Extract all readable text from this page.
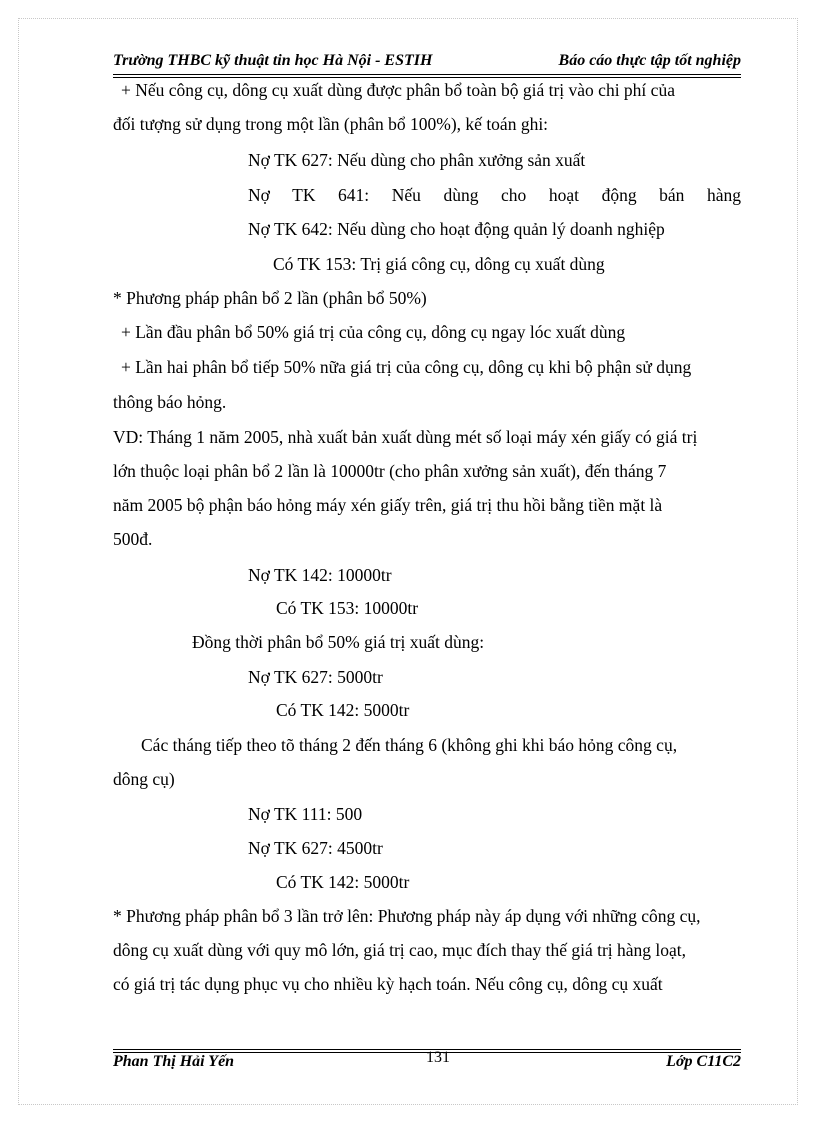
Trường THBC kỹ thuật tin học Hà Nội - ESTIH	Báo cáo thực tập tốt nghiệp
+ Nếu công cụ, dông cụ xuất dùng được phân bổ toàn bộ giá trị vào chi phí của
đối tượng sử dụng trong một lần (phân bổ 100%), kế toán ghi:
Nợ TK 627: Nếu dùng cho phân xưởng sản xuất
Nợ TK 641: Nếu dùng cho hoạt động bán hàng
Nợ TK 642: Nếu dùng cho hoạt động quản lý doanh nghiệp
Có TK 153: Trị giá công cụ, dông cụ xuất dùng
* Phương pháp phân bổ 2 lần (phân bổ 50%)
+ Lần đầu phân bổ 50% giá trị của công cụ, dông cụ ngay lóc xuất dùng
+ Lần hai phân bổ tiếp 50% nữa giá trị của công cụ, dông cụ khi bộ phận sử dụng
thông báo hỏng.
VD: Tháng 1 năm 2005, nhà xuất bản xuất dùng mét số loại máy xén giấy có giá trị
lớn thuộc loại phân bổ 2 lần là 10000tr (cho phân xưởng sản xuất), đến tháng 7
năm 2005 bộ phận báo hỏng máy xén giấy trên, giá trị thu hồi bằng tiền mặt là
500đ.
Nợ TK 142: 10000tr
Có TK 153: 10000tr
Đồng thời phân bổ 50% giá trị xuất dùng:
Nợ TK 627: 5000tr
Có TK 142: 5000tr
Các tháng tiếp theo tõ tháng 2 đến tháng 6 (không ghi khi báo hỏng công cụ,
dông cụ)
Nợ TK 111: 500
Nợ TK 627: 4500tr
Có TK 142: 5000tr
* Phương pháp phân bổ 3 lần trở lên: Phương pháp này áp dụng với những công cụ,
dông cụ xuất dùng với quy mô lớn, giá trị cao, mục đích thay thế giá trị hàng loạt,
có giá trị tác dụng phục vụ cho nhiều kỳ hạch toán. Nếu công cụ, dông cụ xuất
Phan Thị Hải Yến	131	Lớp C11C2
